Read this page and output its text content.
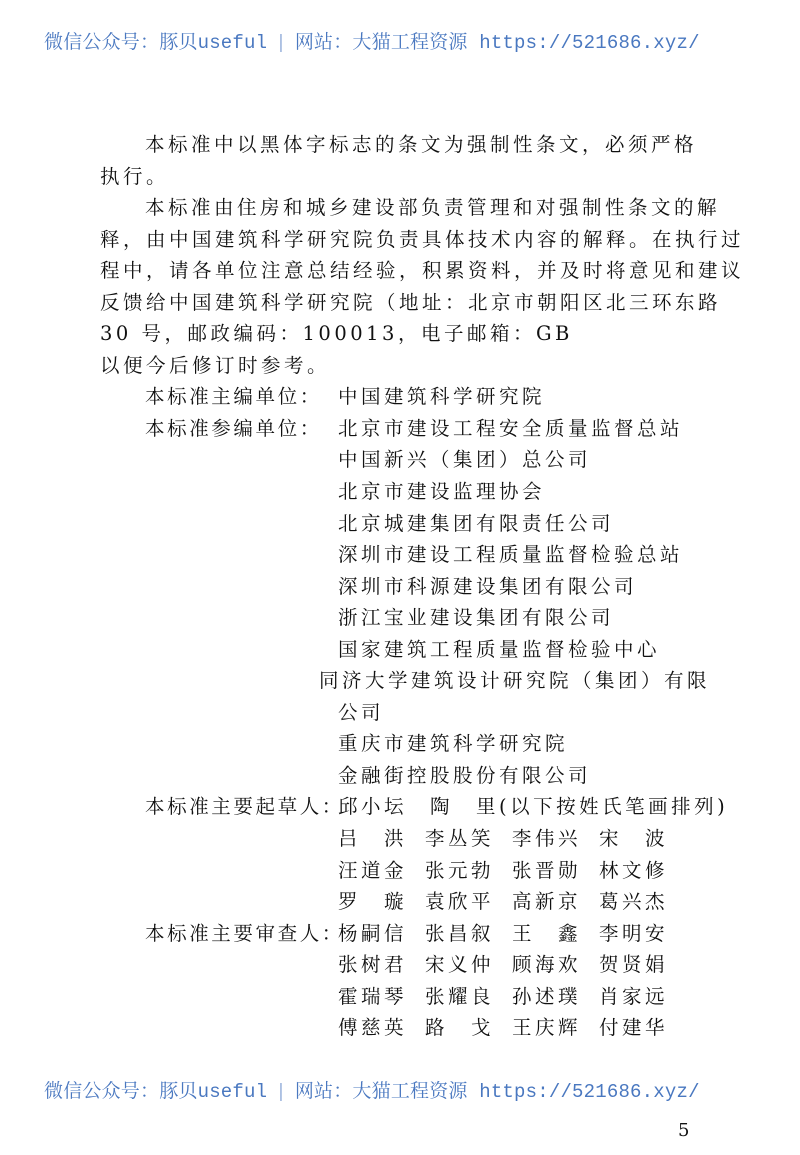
微信公众号：豚贝useful | 网站：大猫工程资源 https://521686.xyz/
本标准中以黑体字标志的条文为强制性条文，必须严格
执行。
本标准由住房和城乡建设部负责管理和对强制性条文的解
释，由中国建筑科学研究院负责具体技术内容的解释。在执行过
程中，请各单位注意总结经验，积累资料，并及时将意见和建议
反馈给中国建筑科学研究院（地址：北京市朝阳区北三环东路
30 号，邮政编码：100013，电子邮箱：GB
以便今后修订时参考。
本标准主编单位： 中国建筑科学研究院
本标准参编单位： 北京市建设工程安全质量监督总站
中国新兴（集团）总公司
北京市建设监理协会
北京城建集团有限责任公司
深圳市建设工程质量监督检验总站
深圳市科源建设集团有限公司
浙江宝业建设集团有限公司
国家建筑工程质量监督检验中心
同济大学建筑设计研究院（集团）有限
公司
重庆市建筑科学研究院
金融街控股股份有限公司
本标准主要起草人：
邱小坛　陶　里(以下按姓氏笔画排列)
吕　洪 李丛笑 李伟兴 宋　波
汪道金 张元勃 张晋勋 林文修
罗　璇 袁欣平 高新京 葛兴杰
本标准主要审查人：
杨嗣信 张昌叙 王　鑫 李明安
张树君 宋义仲 顾海欢 贺贤娟
霍瑞琴 张耀良 孙述璞 肖家远
傅慈英 路　戈 王庆辉 付建华
微信公众号：豚贝useful | 网站：大猫工程资源 https://521686.xyz/
5
